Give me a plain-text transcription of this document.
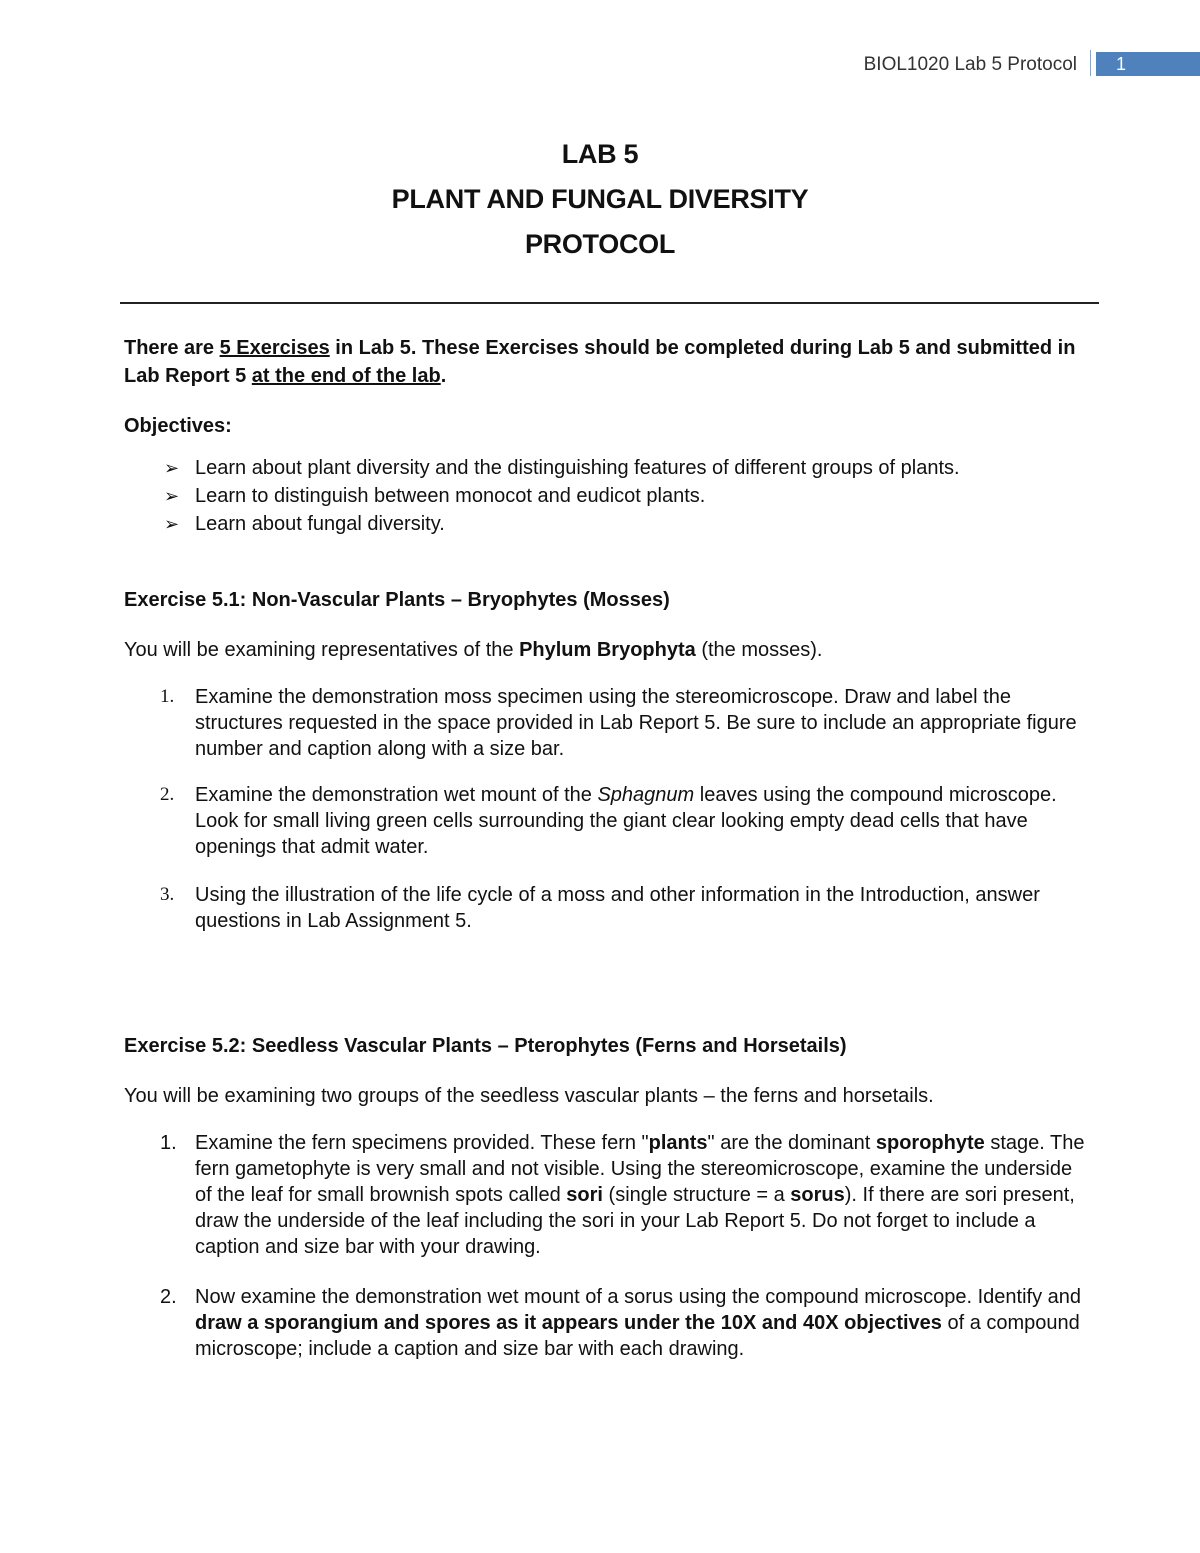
BIOL1020 Lab 5 Protocol	1
LAB 5
PLANT AND FUNGAL DIVERSITY
PROTOCOL

There are 5 Exercises in Lab 5. These Exercises should be completed during Lab 5 and submitted in Lab Report 5 at the end of the lab.

Objectives:

➢ Learn about plant diversity and the distinguishing features of different groups of plants.
➢ Learn to distinguish between monocot and eudicot plants.
➢ Learn about fungal diversity.

Exercise 5.1: Non-Vascular Plants – Bryophytes (Mosses)

You will be examining representatives of the Phylum Bryophyta (the mosses).

1. Examine the demonstration moss specimen using the stereomicroscope. Draw and label the structures requested in the space provided in Lab Report 5. Be sure to include an appropriate figure number and caption along with a size bar.
2. Examine the demonstration wet mount of the Sphagnum leaves using the compound microscope. Look for small living green cells surrounding the giant clear looking empty dead cells that have openings that admit water.
3. Using the illustration of the life cycle of a moss and other information in the Introduction, answer questions in Lab Assignment 5.

Exercise 5.2: Seedless Vascular Plants – Pterophytes (Ferns and Horsetails)

You will be examining two groups of the seedless vascular plants – the ferns and horsetails.

1. Examine the fern specimens provided. These fern "plants" are the dominant sporophyte stage. The fern gametophyte is very small and not visible. Using the stereomicroscope, examine the underside of the leaf for small brownish spots called sori (single structure = a sorus). If there are sori present, draw the underside of the leaf including the sori in your Lab Report 5. Do not forget to include a caption and size bar with your drawing.
2. Now examine the demonstration wet mount of a sorus using the compound microscope. Identify and draw a sporangium and spores as it appears under the 10X and 40X objectives of a compound microscope; include a caption and size bar with each drawing.
